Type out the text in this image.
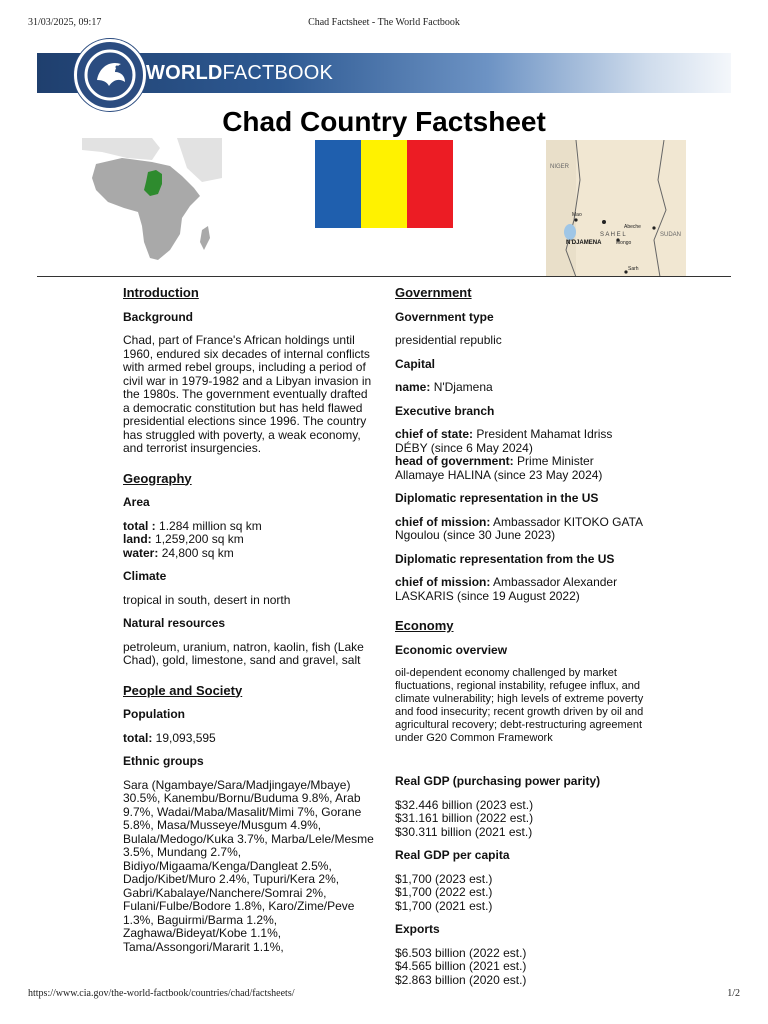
31/03/2025, 09:17	Chad Factsheet - The World Factbook
WORLDFACTBOOK
Chad Country Factsheet
NIGER
SUDAN
N'DJAMENA
S A H E L
Mao
Abeche
Mongo
Sarh
Introduction
Background
Chad, part of France's African holdings until 1960, endured six decades of internal conflicts with armed rebel groups, including a period of civil war in 1979-1982 and a Libyan invasion in the 1980s. The government eventually drafted a democratic constitution but has held flawed presidential elections since 1996. The country has struggled with poverty, a weak economy, and terrorist insurgencies.
Geography
Area
total : 1.284 million sq km
land: 1,259,200 sq km
water: 24,800 sq km
Climate
tropical in south, desert in north
Natural resources
petroleum, uranium, natron, kaolin, fish (Lake Chad), gold, limestone, sand and gravel, salt
People and Society
Population
total: 19,093,595
Ethnic groups
Sara (Ngambaye/Sara/Madjingaye/Mbaye) 30.5%, Kanembu/Bornu/Buduma 9.8%, Arab 9.7%, Wadai/Maba/Masalit/Mimi 7%, Gorane 5.8%, Masa/Musseye/Musgum 4.9%, Bulala/Medogo/Kuka 3.7%, Marba/Lele/Mesme 3.5%, Mundang 2.7%, Bidiyo/Migaama/Kenga/Dangleat 2.5%, Dadjo/Kibet/Muro 2.4%, Tupuri/Kera 2%, Gabri/Kabalaye/Nanchere/Somrai 2%, Fulani/Fulbe/Bodore 1.8%, Karo/Zime/Peve 1.3%, Baguirmi/Barma 1.2%, Zaghawa/Bideyat/Kobe 1.1%, Tama/Assongori/Mararit 1.1%,
Government
Government type
presidential republic
Capital
name: N'Djamena
Executive branch
chief of state: President Mahamat Idriss DÉBY (since 6 May 2024)
head of government: Prime Minister Allamaye HALINA (since 23 May 2024)
Diplomatic representation in the US
chief of mission: Ambassador KITOKO GATA Ngoulou (since 30 June 2023)
Diplomatic representation from the US
chief of mission: Ambassador Alexander LASKARIS (since 19 August 2022)
Economy
Economic overview
oil-dependent economy challenged by market fluctuations, regional instability, refugee influx, and climate vulnerability; high levels of extreme poverty and food insecurity; recent growth driven by oil and agricultural recovery; debt-restructuring agreement under G20 Common Framework
Real GDP (purchasing power parity)
$32.446 billion (2023 est.)
$31.161 billion (2022 est.)
$30.311 billion (2021 est.)
Real GDP per capita
$1,700 (2023 est.)
$1,700 (2022 est.)
$1,700 (2021 est.)
Exports
$6.503 billion (2022 est.)
$4.565 billion (2021 est.)
$2.863 billion (2020 est.)
https://www.cia.gov/the-world-factbook/countries/chad/factsheets/	1/2
